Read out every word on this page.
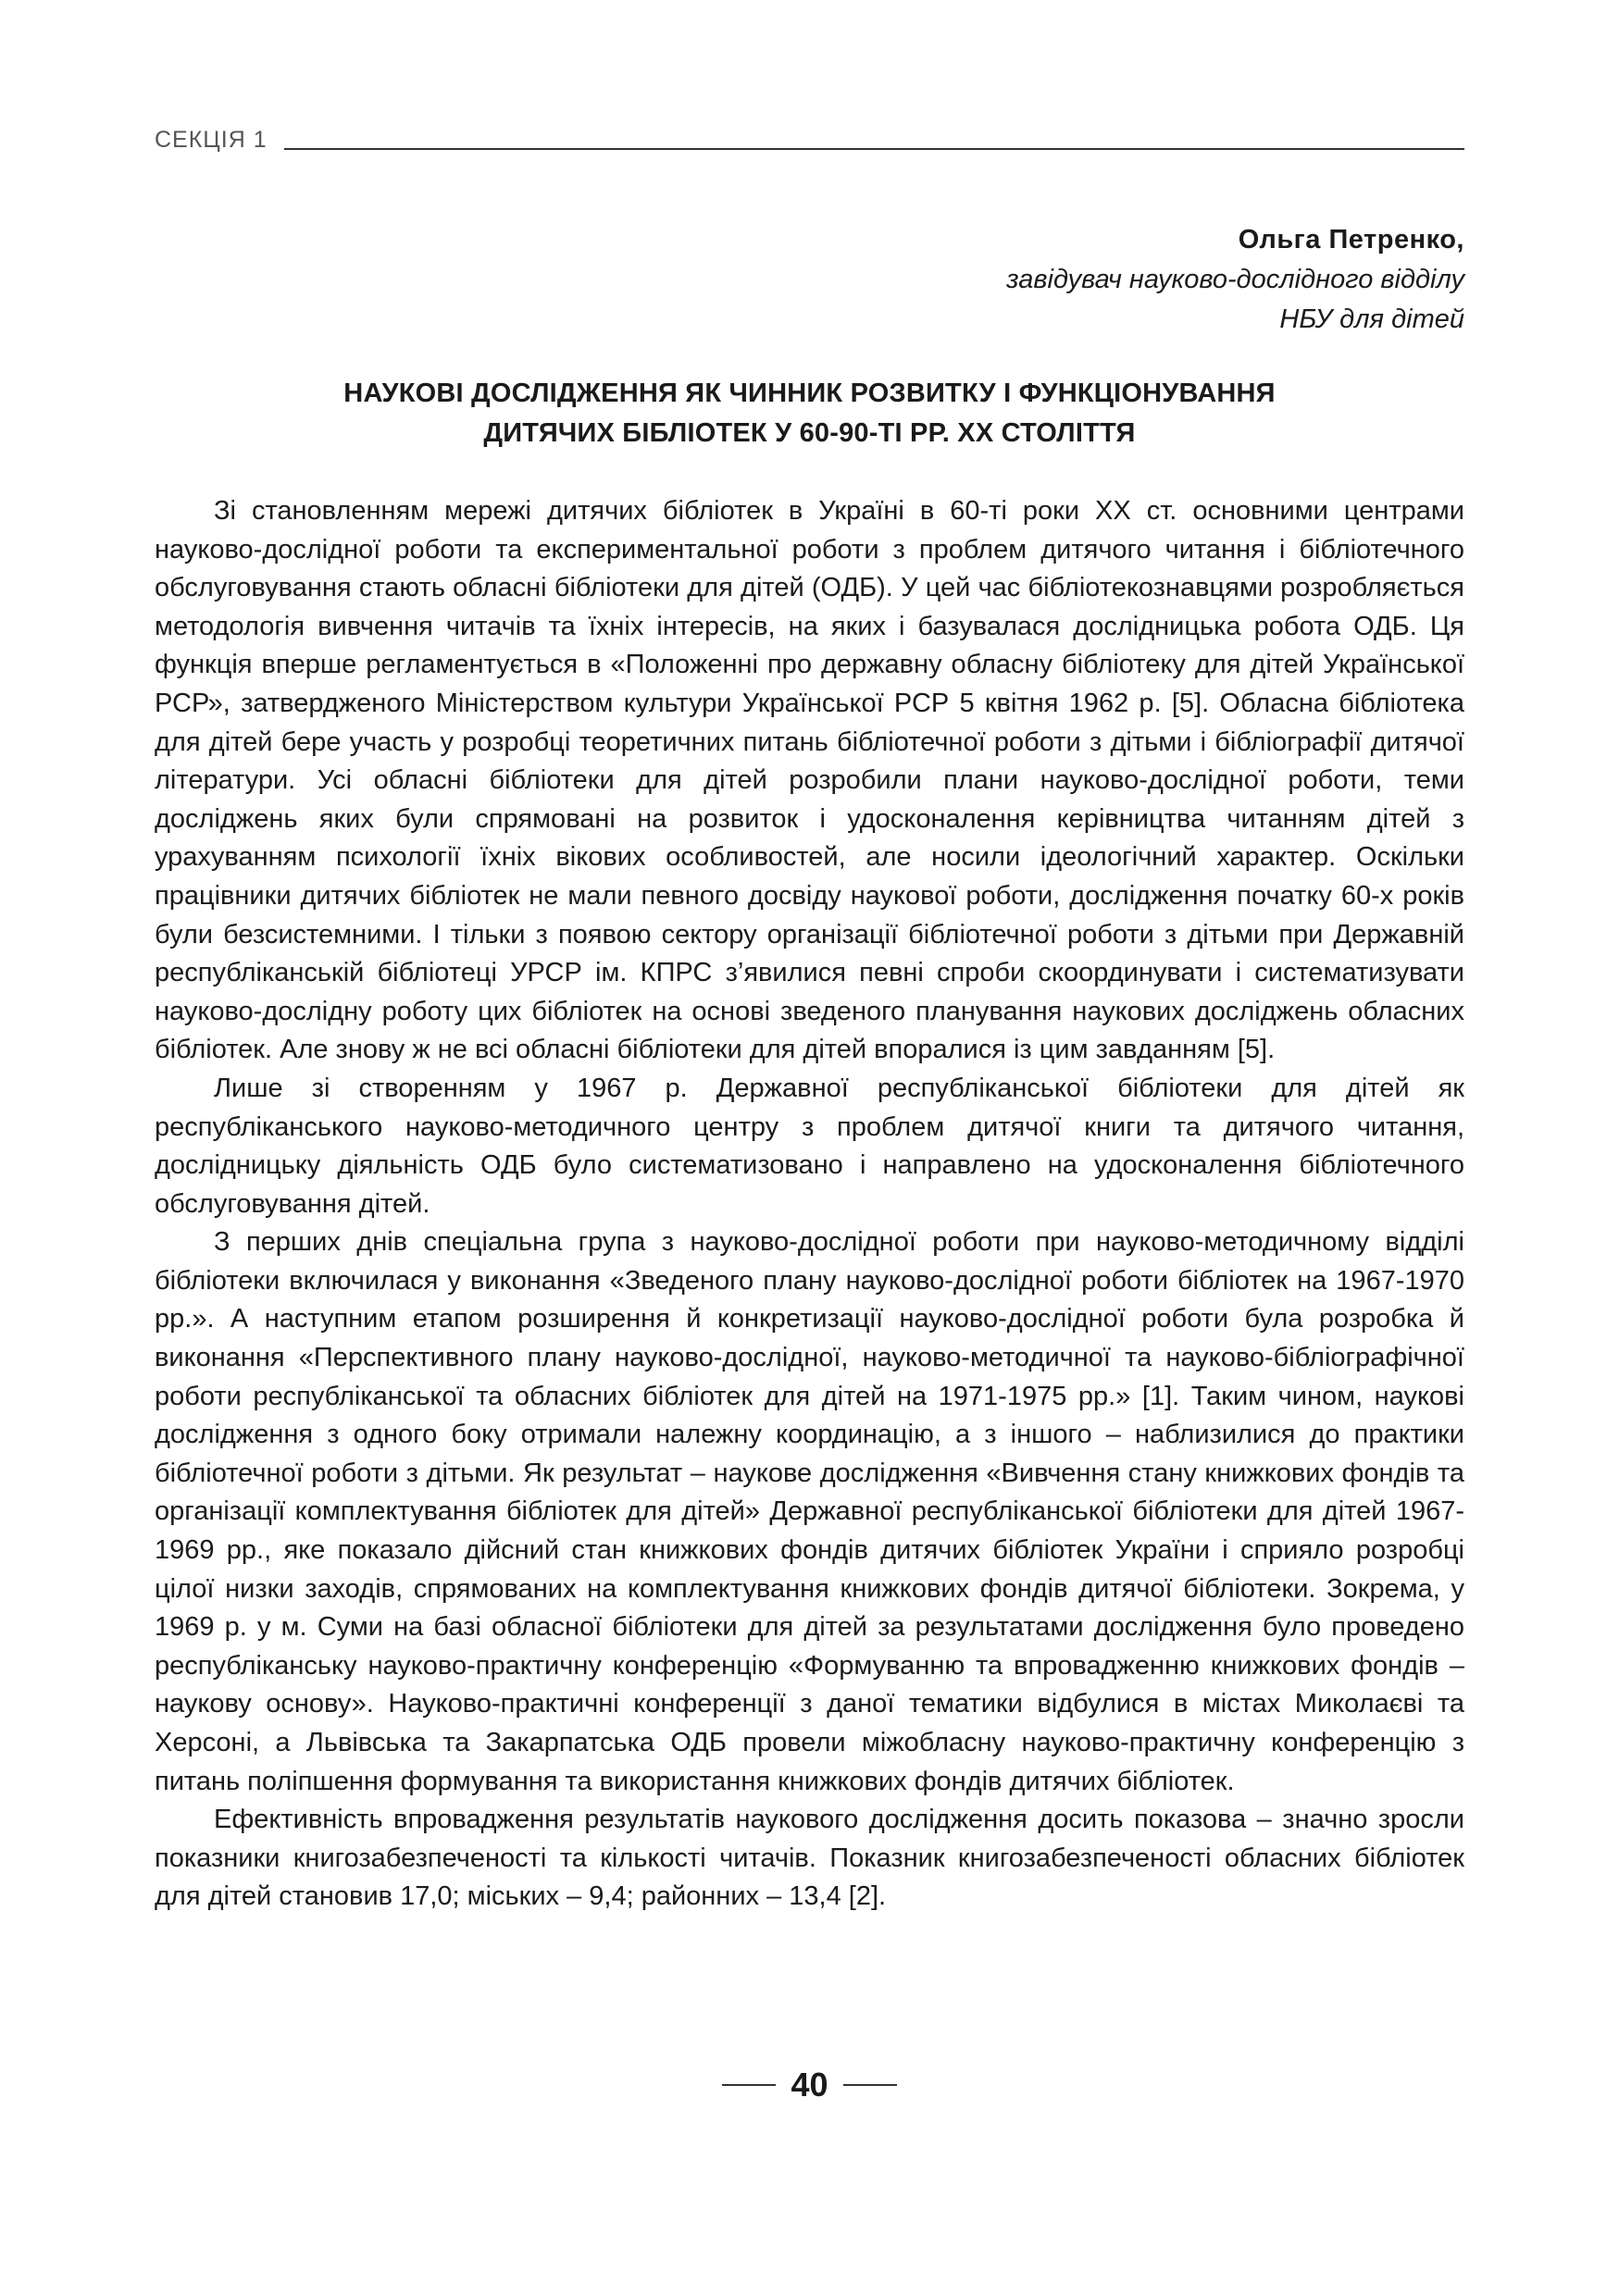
СЕКЦІЯ 1
Ольга Петренко,
завідувач науково-дослідного відділу
НБУ для дітей
НАУКОВІ ДОСЛІДЖЕННЯ ЯК ЧИННИК РОЗВИТКУ І ФУНКЦІОНУВАННЯ
ДИТЯЧИХ БІБЛІОТЕК У 60-90-ТІ РР. ХХ СТОЛІТТЯ

Зі становленням мережі дитячих бібліотек в Україні в 60-ті роки ХХ ст. основними центрами науково-дослідної роботи та експериментальної роботи з проблем дитячого читання і бібліотечного обслуговування стають обласні бібліотеки для дітей (ОДБ). У цей час бібліотекознавцями розробляється методологія вивчення читачів та їхніх інтересів, на яких і базувалася дослідницька робота ОДБ. Ця функція вперше регламентується в «Положенні про державну обласну бібліотеку для дітей Української РСР», затвердженого Міністерством культури Української РСР 5 квітня 1962 р. [5]. Обласна бібліотека для дітей бере участь у розробці теоретичних питань бібліотечної роботи з дітьми і бібліографії дитячої літератури. Усі обласні бібліотеки для дітей розробили плани науково-дослідної роботи, теми досліджень яких були спрямовані на розвиток і удосконалення керівництва читанням дітей з урахуванням психології їхніх вікових особливостей, але носили ідеологічний характер. Оскільки працівники дитячих бібліотек не мали певного досвіду наукової роботи, дослідження початку 60-х років були безсистемними. І тільки з появою сектору організації бібліотечної роботи з дітьми при Державній республіканській бібліотеці УРСР ім. КПРС з’явилися певні спроби скоординувати і систематизувати науково-дослідну роботу цих бібліотек на основі зведеного планування наукових досліджень обласних бібліотек. Але знову ж не всі обласні бібліотеки для дітей впоралися із цим завданням [5].

Лише зі створенням у 1967 р. Державної республіканської бібліотеки для дітей як республіканського науково-методичного центру з проблем дитячої книги та дитячого читання, дослідницьку діяльність ОДБ було систематизовано і направлено на удосконалення бібліотечного обслуговування дітей.

З перших днів спеціальна група з науково-дослідної роботи при науково-методичному відділі бібліотеки включилася у виконання «Зведеного плану науково-дослідної роботи бібліотек на 1967-1970 рр.». А наступним етапом розширення й конкретизації науково-дослідної роботи була розробка й виконання «Перспективного плану науково-дослідної, науково-методичної та науково-бібліографічної роботи республіканської та обласних бібліотек для дітей на 1971-1975 рр.» [1]. Таким чином, наукові дослідження з одного боку отримали належну координацію, а з іншого – наблизилися до практики бібліотечної роботи з дітьми. Як результат – наукове дослідження «Вивчення стану книжкових фондів та організації комплектування бібліотек для дітей» Державної республіканської бібліотеки для дітей 1967-1969 рр., яке показало дійсний стан книжкових фондів дитячих бібліотек України і сприяло розробці цілої низки заходів, спрямованих на комплектування книжкових фондів дитячої бібліотеки. Зокрема, у 1969 р. у м. Суми на базі обласної бібліотеки для дітей за результатами дослідження було проведено республіканську науково-практичну конференцію «Формуванню та впровадженню книжкових фондів – наукову основу». Науково-практичні конференції з даної тематики відбулися в містах Миколаєві та Херсоні, а Львівська та Закарпатська ОДБ провели міжобласну науково-практичну конференцію з питань поліпшення формування та використання книжкових фондів дитячих бібліотек.

Ефективність впровадження результатів наукового дослідження досить показова – значно зросли показники книгозабезпеченості та кількості читачів. Показник книгозабезпеченості обласних бібліотек для дітей становив 17,0; міських – 9,4; районних – 13,4 [2].

40
